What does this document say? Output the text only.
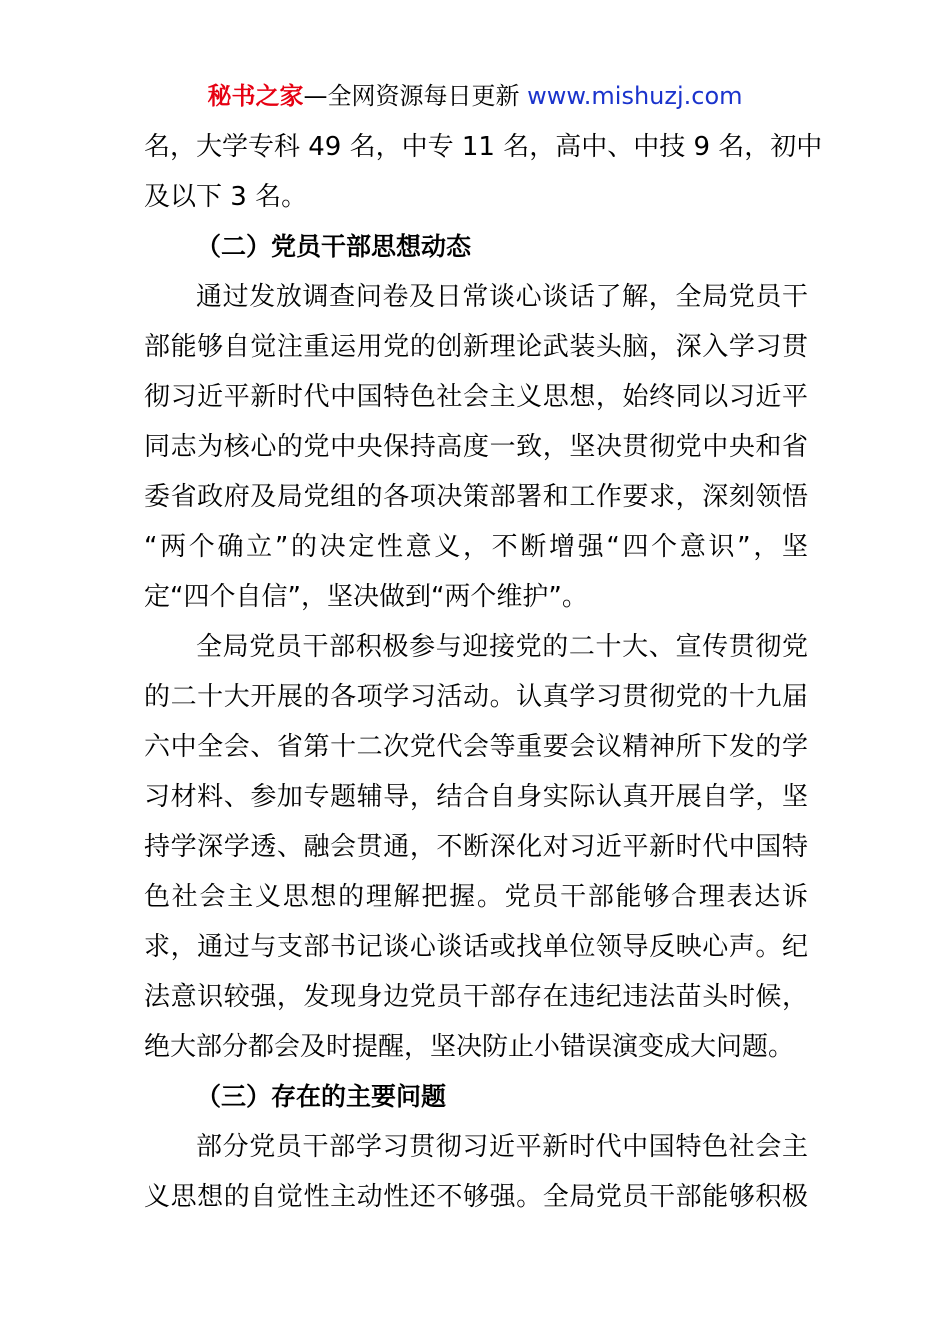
秘书之家—全网资源每日更新 www.mishuzj.com
名，大学专科 49 名，中专 11 名，高中、中技 9 名，初中
及以下 3 名。
（二）党员干部思想动态
通过发放调查问卷及日常谈心谈话了解，全局党员干
部能够自觉注重运用党的创新理论武装头脑，深入学习贯
彻习近平新时代中国特色社会主义思想，始终同以习近平
同志为核心的党中央保持高度一致，坚决贯彻党中央和省
委省政府及局党组的各项决策部署和工作要求，深刻领悟
“两个确立”的决定性意义，不断增强“四个意识”，坚
定“四个自信”，坚决做到“两个维护”。
全局党员干部积极参与迎接党的二十大、宣传贯彻党
的二十大开展的各项学习活动。认真学习贯彻党的十九届
六中全会、省第十二次党代会等重要会议精神所下发的学
习材料、参加专题辅导，结合自身实际认真开展自学，坚
持学深学透、融会贯通，不断深化对习近平新时代中国特
色社会主义思想的理解把握。党员干部能够合理表达诉
求，通过与支部书记谈心谈话或找单位领导反映心声。纪
法意识较强，发现身边党员干部存在违纪违法苗头时候，
绝大部分都会及时提醒，坚决防止小错误演变成大问题。
（三）存在的主要问题
部分党员干部学习贯彻习近平新时代中国特色社会主
义思想的自觉性主动性还不够强。全局党员干部能够积极
